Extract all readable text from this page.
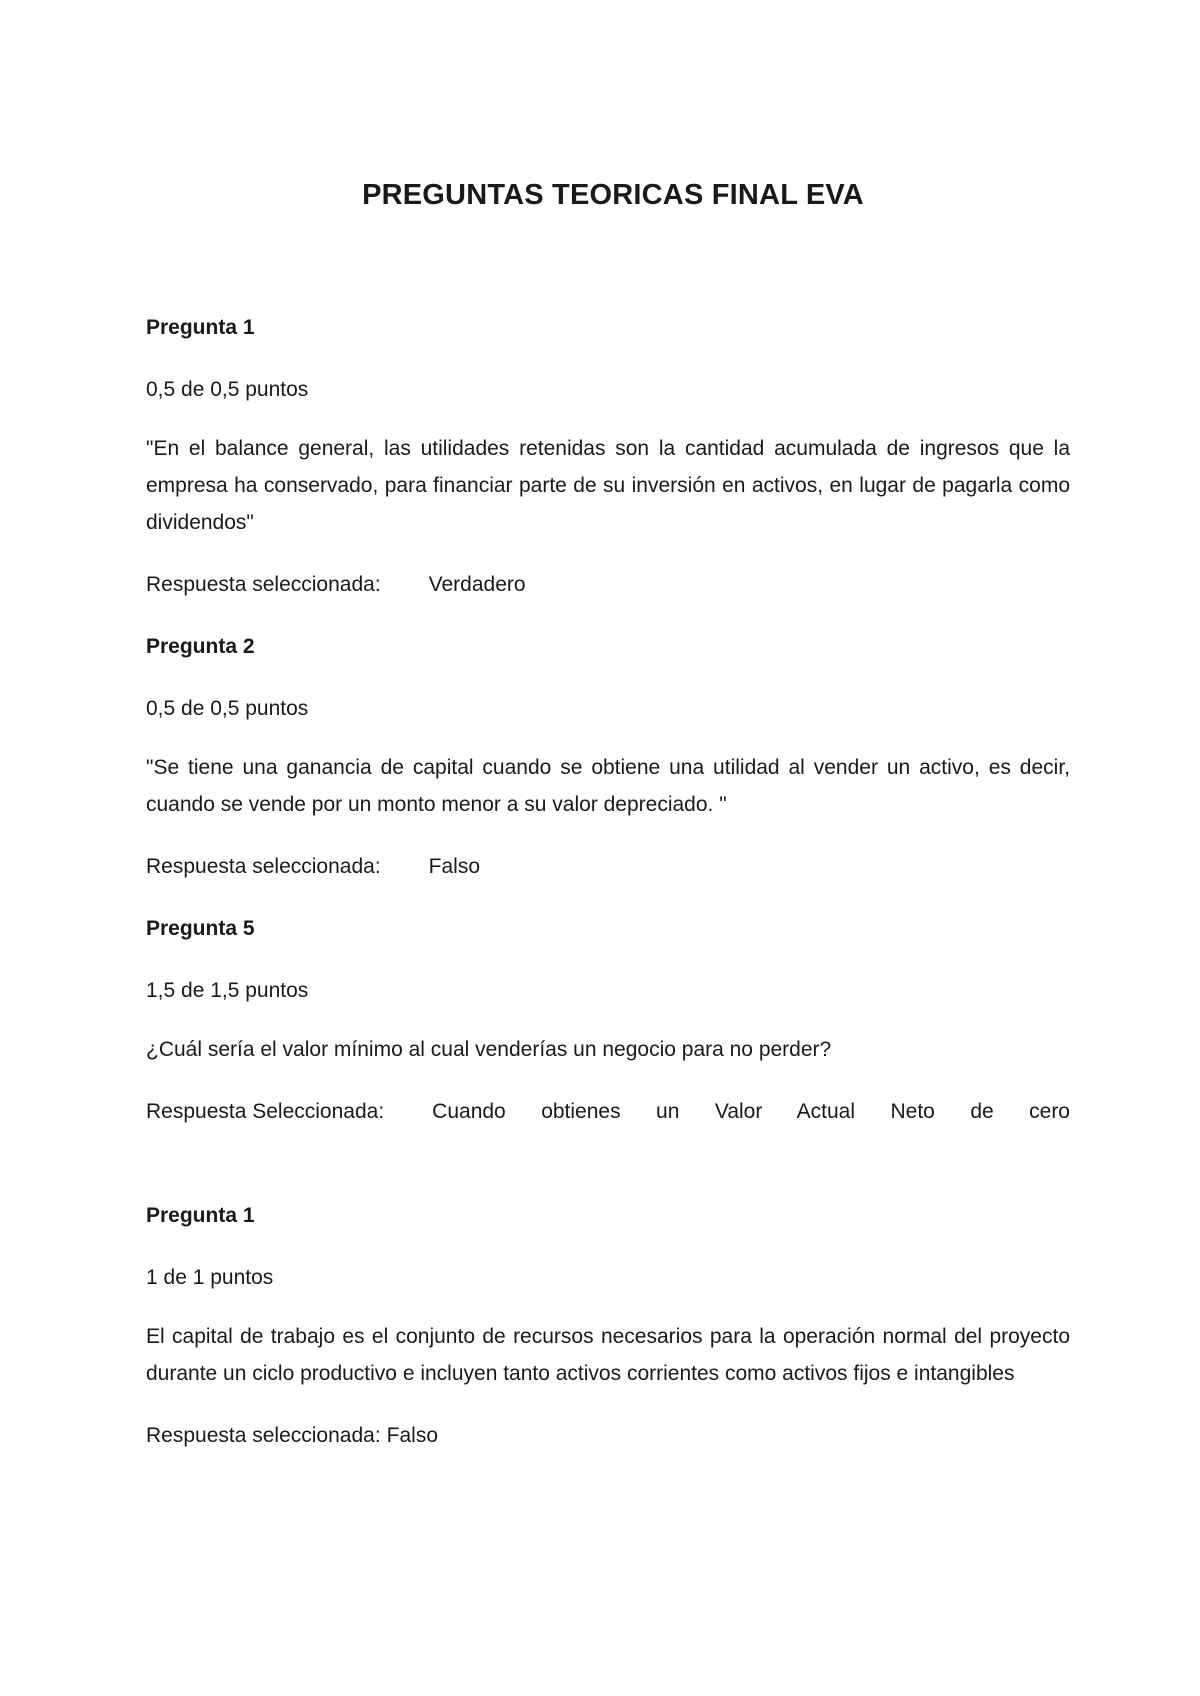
PREGUNTAS TEORICAS FINAL EVA

Pregunta 1

0,5 de 0,5 puntos

"En el balance general, las utilidades retenidas son la cantidad acumulada de ingresos que la empresa ha conservado, para financiar parte de su inversión en activos, en lugar de pagarla como dividendos"

Respuesta seleccionada: Verdadero

Pregunta 2

0,5 de 0,5 puntos

"Se tiene una ganancia de capital cuando se obtiene una utilidad al vender un activo, es decir, cuando se vende por un monto menor a su valor depreciado. "

Respuesta seleccionada: Falso

Pregunta 5

1,5 de 1,5 puntos

¿Cuál sería el valor mínimo al cual venderías un negocio para no perder?

Respuesta Seleccionada: Cuando obtienes un Valor Actual Neto de cero

Pregunta 1

1 de 1 puntos

El capital de trabajo es el conjunto de recursos necesarios para la operación normal del proyecto durante un ciclo productivo e incluyen tanto activos corrientes como activos fijos e intangibles

Respuesta seleccionada: Falso
